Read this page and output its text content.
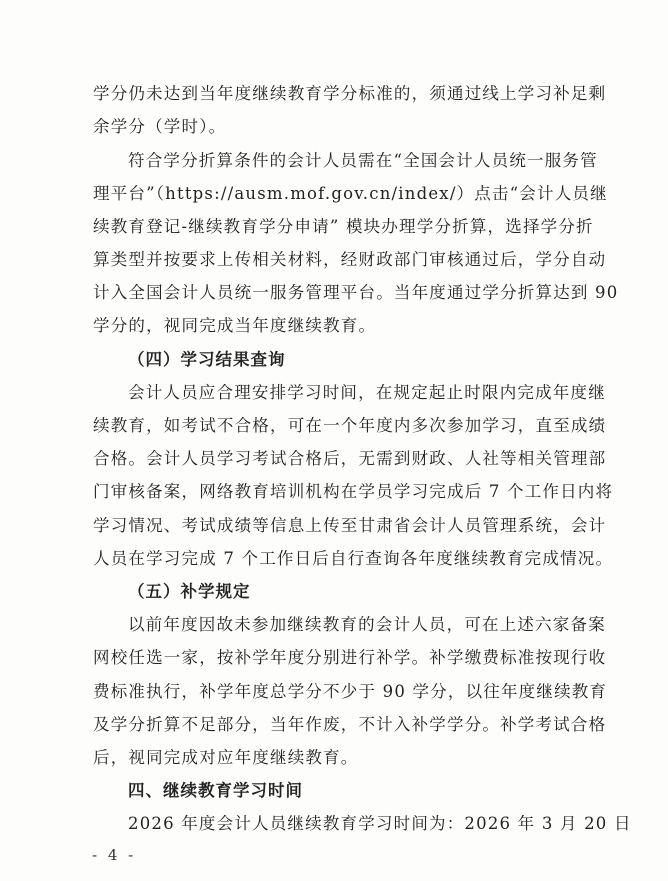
学分仍未达到当年度继续教育学分标准的，须通过线上学习补足剩
余学分（学时）。
符合学分折算条件的会计人员需在“全国会计人员统一服务管
理平台”（https://ausm.mof.gov.cn/index/）点击“会计人员继
续教育登记-继续教育学分申请” 模块办理学分折算，选择学分折
算类型并按要求上传相关材料，经财政部门审核通过后，学分自动
计入全国会计人员统一服务管理平台。当年度通过学分折算达到 90
学分的，视同完成当年度继续教育。
（四）学习结果查询
会计人员应合理安排学习时间，在规定起止时限内完成年度继
续教育，如考试不合格，可在一个年度内多次参加学习，直至成绩
合格。会计人员学习考试合格后，无需到财政、人社等相关管理部
门审核备案，网络教育培训机构在学员学习完成后 7 个工作日内将
学习情况、考试成绩等信息上传至甘肃省会计人员管理系统，会计
人员在学习完成 7 个工作日后自行查询各年度继续教育完成情况。
（五）补学规定
以前年度因故未参加继续教育的会计人员，可在上述六家备案
网校任选一家，按补学年度分别进行补学。补学缴费标准按现行收
费标准执行，补学年度总学分不少于 90 学分，以往年度继续教育
及学分折算不足部分，当年作废，不计入补学学分。补学考试合格
后，视同完成对应年度继续教育。
四、继续教育学习时间
2026 年度会计人员继续教育学习时间为：2026 年 3 月 20 日
- 4 -
